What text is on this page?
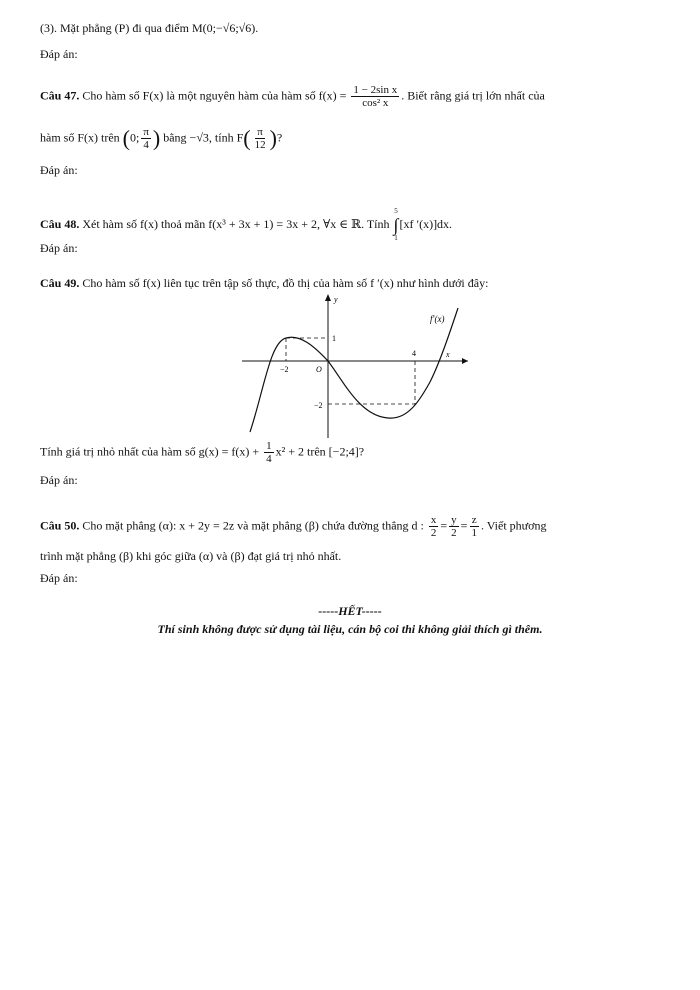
(3). Mặt phẳng (P) đi qua điểm M(0;−√6;√6).
Đáp án:
Câu 47. Cho hàm số F(x) là một nguyên hàm của hàm số $f(x) = \frac{\text{1 − 2sin x}}{\text{cos² x}}$ . Biết rằng giá trị lớn nhất của
hàm số F(x) trên (0; $\frac{\pi}{4}$ ) bằng −√3, tính $F( \frac{\pi}{12}$ )?
Đáp án:
Câu 48. Xét hàm số f(x) thoả mãn f(x³ + 3x + 1) = 3x + 2, ∀x ∈ ℝ. Tính
5
∫
1
[xf ′(x)]dx.
Đáp án:
Câu 49. Cho hàm số f(x) liên tục trên tập số thực, đồ thị của hàm số f ′(x) như hình dưới đây:
f′(x)
y
x
O
−2
4
1
−2
Tính giá trị nhỏ nhất của hàm số $g(x) = f(x) + \frac{1}{4} x^2 + 2$ trên [−2;4]?
Đáp án:
Câu 50. Cho mặt phẳng (α): x + 2y = 2z và mặt phẳng (β) chứa đường thẳng d : $\frac{x}{2} = \frac{y}{2} = \frac{z}{1}$ . Viết phương
trình mặt phẳng (β) khi góc giữa (α) và (β) đạt giá trị nhỏ nhất.
Đáp án:
-----HẾT-----
Thí sinh không được sử dụng tài liệu, cán bộ coi thi không giải thích gì thêm.
